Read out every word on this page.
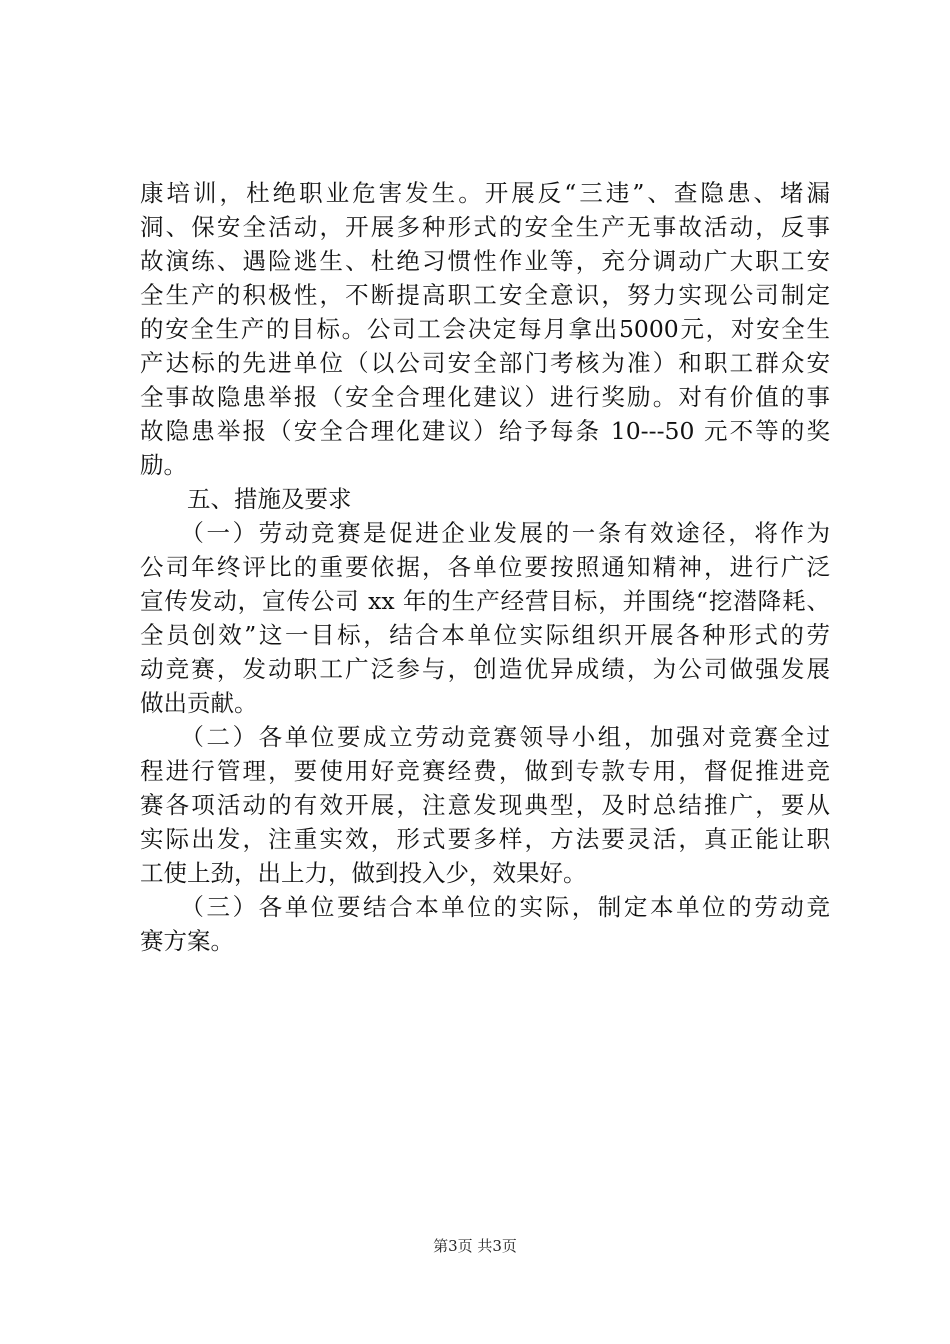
康培训，杜绝职业危害发生。开展反“三违”、查隐患、堵漏
洞、保安全活动，开展多种形式的安全生产无事故活动，反事
故演练、遇险逃生、杜绝习惯性作业等，充分调动广大职工安
全生产的积极性，不断提高职工安全意识，努力实现公司制定
的安全生产的目标。公司工会决定每月拿出5000元，对安全生
产达标的先进单位（以公司安全部门考核为准）和职工群众安
全事故隐患举报（安全合理化建议）进行奖励。对有价值的事
故隐患举报（安全合理化建议）给予每条 10---50 元不等的奖
励。
　　五、措施及要求
　　（一）劳动竞赛是促进企业发展的一条有效途径，将作为
公司年终评比的重要依据，各单位要按照通知精神，进行广泛
宣传发动，宣传公司 xx 年的生产经营目标，并围绕“挖潜降耗、
全员创效”这一目标，结合本单位实际组织开展各种形式的劳
动竞赛，发动职工广泛参与，创造优异成绩，为公司做强发展
做出贡献。
　　（二）各单位要成立劳动竞赛领导小组，加强对竞赛全过
程进行管理，要使用好竞赛经费，做到专款专用，督促推进竞
赛各项活动的有效开展，注意发现典型，及时总结推广，要从
实际出发，注重实效，形式要多样，方法要灵活，真正能让职
工使上劲，出上力，做到投入少，效果好。
　　（三）各单位要结合本单位的实际，制定本单位的劳动竞
赛方案。
第3页 共3页
